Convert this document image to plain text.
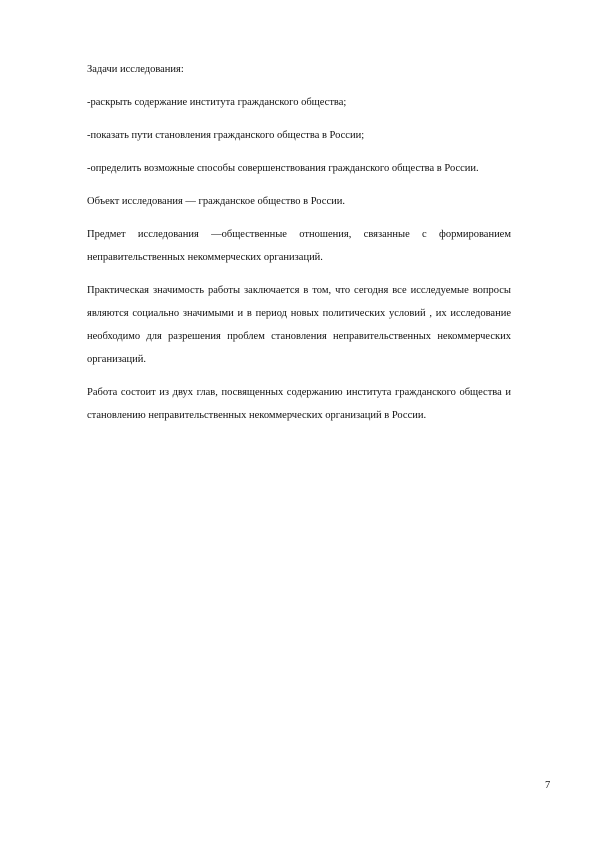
Задачи исследования:

-раскрыть содержание института гражданского общества;

-показать пути становления гражданского общества в России;

-определить возможные способы совершенствования гражданского общества в России.

Объект исследования — гражданское общество в России.

Предмет исследования —общественные отношения, связанные с формированием неправительственных некоммерческих организаций.

Практическая значимость работы заключается в том, что сегодня все исследуемые вопросы являются социально значимыми и в период новых политических условий , их исследование необходимо для разрешения проблем становления неправительственных некоммерческих организаций.

Работа состоит из двух глав, посвященных содержанию института гражданского общества и становлению неправительственных некоммерческих организаций в России.

7
